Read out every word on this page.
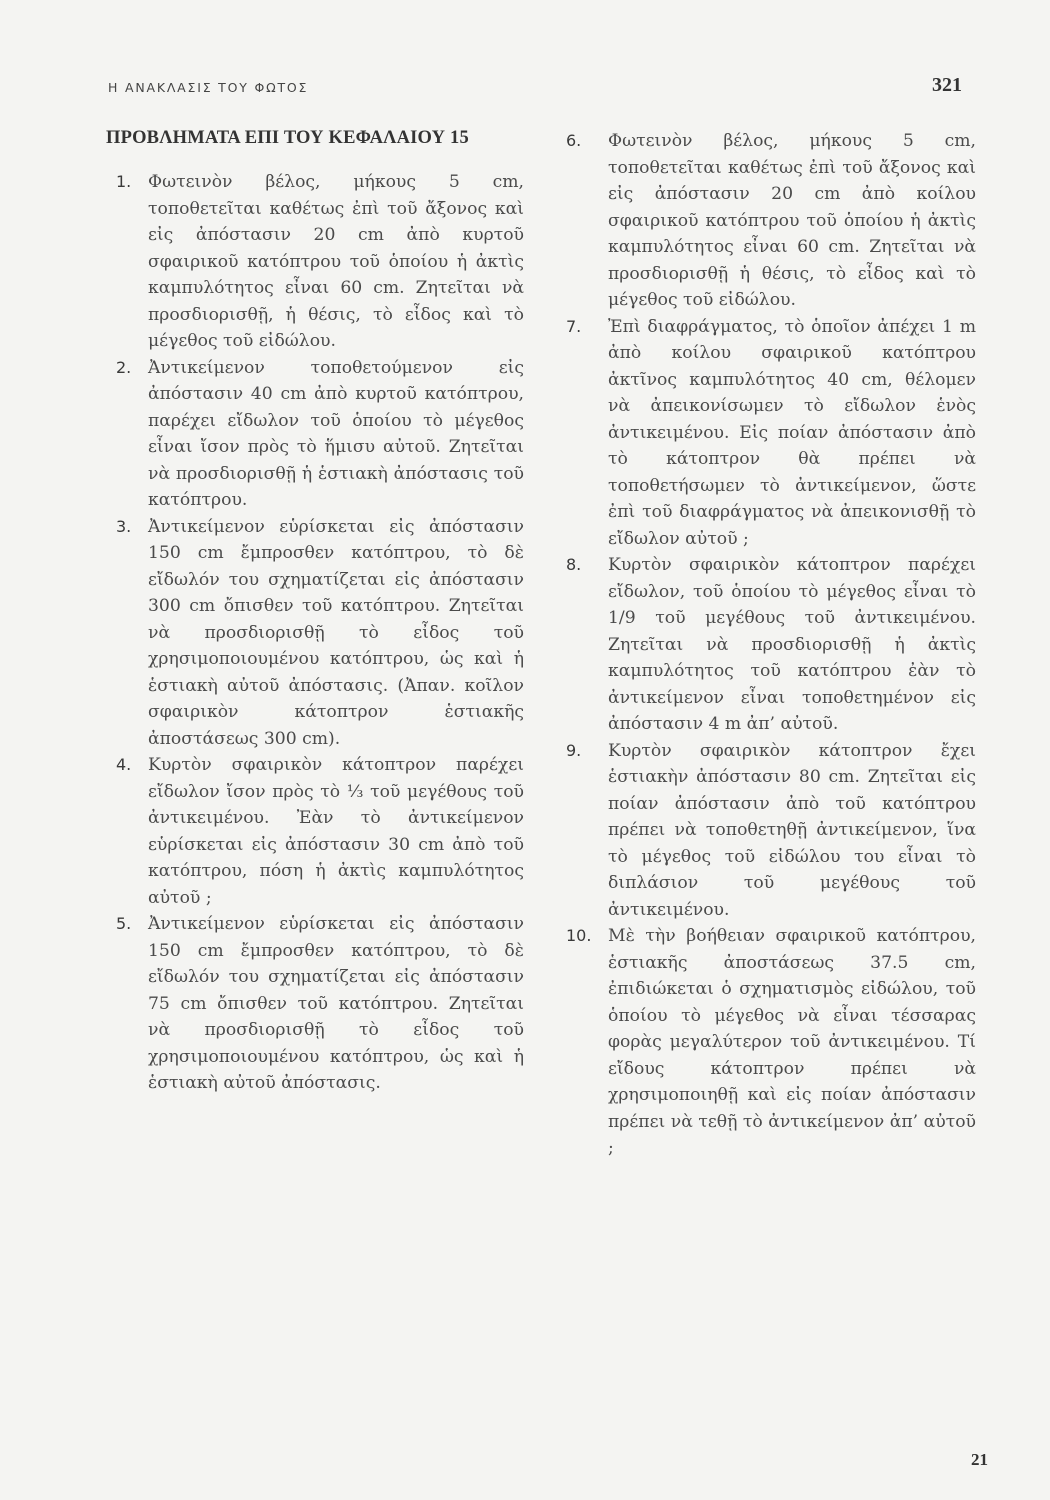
Η ΑΝΑΚΛΑΣΙΣ ΤΟΥ ΦΩΤΟΣ	321
ΠΡΟΒΛΗΜΑΤΑ ΕΠΙ ΤΟΥ ΚΕΦΑΛΑΙΟΥ 15
1. Φωτεινὸν βέλος, μήκους 5 cm, τοποθετεῖται καθέτως ἐπὶ τοῦ ἄξονος καὶ εἰς ἀπόστασιν 20 cm ἀπὸ κυρτοῦ σφαιρικοῦ κατόπτρου τοῦ ὁποίου ἡ ἀκτὶς καμπυλότητος εἶναι 60 cm. Ζητεῖται νὰ προσδιορισθῇ, ἡ θέσις, τὸ εἶδος καὶ τὸ μέγεθος τοῦ εἰδώλου.

2. Ἀντικείμενον τοποθετούμενον εἰς ἀπόστασιν 40 cm ἀπὸ κυρτοῦ κατόπτρου, παρέχει εἴδωλον τοῦ ὁποίου τὸ μέγεθος εἶναι ἴσον πρὸς τὸ ἥμισυ αὐτοῦ. Ζητεῖται νὰ προσδιορισθῇ ἡ ἑστιακὴ ἀπόστασις τοῦ κατόπτρου.

3. Ἀντικείμενον εὑρίσκεται εἰς ἀπόστασιν 150 cm ἔμπροσθεν κατόπτρου, τὸ δὲ εἴδωλόν του σχηματίζεται εἰς ἀπόστασιν 300 cm ὄπισθεν τοῦ κατόπτρου. Ζητεῖται νὰ προσδιορισθῇ τὸ εἶδος τοῦ χρησιμοποιουμένου κατόπτρου, ὡς καὶ ἡ ἑστιακὴ αὐτοῦ ἀπόστασις. (Ἀπαν. κοῖλον σφαιρικὸν κάτοπτρον ἑστιακῆς ἀποστάσεως 300 cm).

4. Κυρτὸν σφαιρικὸν κάτοπτρον παρέχει εἴδωλον ἴσον πρὸς τὸ ⅓ τοῦ μεγέθους τοῦ ἀντικειμένου. Ἐὰν τὸ ἀντικείμενον εὑρίσκεται εἰς ἀπόστασιν 30 cm ἀπὸ τοῦ κατόπτρου, πόση ἡ ἀκτὶς καμπυλότητος αὐτοῦ ;

5. Ἀντικείμενον εὑρίσκεται εἰς ἀπόστασιν 150 cm ἔμπροσθεν κατόπτρου, τὸ δὲ εἴδωλόν του σχηματίζεται εἰς ἀπόστασιν 75 cm ὄπισθεν τοῦ κατόπτρου. Ζητεῖται νὰ προσδιορισθῇ τὸ εἶδος τοῦ χρησιμοποιουμένου κατόπτρου, ὡς καὶ ἡ ἑστιακὴ αὐτοῦ ἀπόστασις.

6. Φωτεινὸν βέλος, μήκους 5 cm, τοποθετεῖται καθέτως ἐπὶ τοῦ ἄξονος καὶ εἰς ἀπόστασιν 20 cm ἀπὸ κοίλου σφαιρικοῦ κατόπτρου τοῦ ὁποίου ἡ ἀκτὶς καμπυλότητος εἶναι 60 cm. Ζητεῖται νὰ προσδιορισθῇ ἡ θέσις, τὸ εἶδος καὶ τὸ μέγεθος τοῦ εἰδώλου.

7. Ἐπὶ διαφράγματος, τὸ ὁποῖον ἀπέχει 1 m ἀπὸ κοίλου σφαιρικοῦ κατόπτρου ἀκτῖνος καμπυλότητος 40 cm, θέλομεν νὰ ἀπεικονίσωμεν τὸ εἴδωλον ἑνὸς ἀντικειμένου. Εἰς ποίαν ἀπόστασιν ἀπὸ τὸ κάτοπτρον θὰ πρέπει νὰ τοποθετήσωμεν τὸ ἀντικείμενον, ὥστε ἐπὶ τοῦ διαφράγματος νὰ ἀπεικονισθῇ τὸ εἴδωλον αὐτοῦ ;

8. Κυρτὸν σφαιρικὸν κάτοπτρον παρέχει εἴδωλον, τοῦ ὁποίου τὸ μέγεθος εἶναι τὸ 1/9 τοῦ μεγέθους τοῦ ἀντικειμένου. Ζητεῖται νὰ προσδιορισθῇ ἡ ἀκτὶς καμπυλότητος τοῦ κατόπτρου ἐὰν τὸ ἀντικείμενον εἶναι τοποθετημένον εἰς ἀπόστασιν 4 m ἀπ’ αὐτοῦ.

9. Κυρτὸν σφαιρικὸν κάτοπτρον ἔχει ἑστιακὴν ἀπόστασιν 80 cm. Ζητεῖται εἰς ποίαν ἀπόστασιν ἀπὸ τοῦ κατόπτρου πρέπει νὰ τοποθετηθῇ ἀντικείμενον, ἵνα τὸ μέγεθος τοῦ εἰδώλου του εἶναι τὸ διπλάσιον τοῦ μεγέθους τοῦ ἀντικειμένου.

10. Μὲ τὴν βοήθειαν σφαιρικοῦ κατόπτρου, ἑστιακῆς ἀποστάσεως 37.5 cm, ἐπιδιώκεται ὁ σχηματισμὸς εἰδώλου, τοῦ ὁποίου τὸ μέγεθος νὰ εἶναι τέσσαρας φορὰς μεγαλύτερον τοῦ ἀντικειμένου. Τί εἴδους κάτοπτρον πρέπει νὰ χρησιμοποιηθῇ καὶ εἰς ποίαν ἀπόστασιν πρέπει νὰ τεθῇ τὸ ἀντικείμενον ἀπ’ αὐτοῦ ;

21
